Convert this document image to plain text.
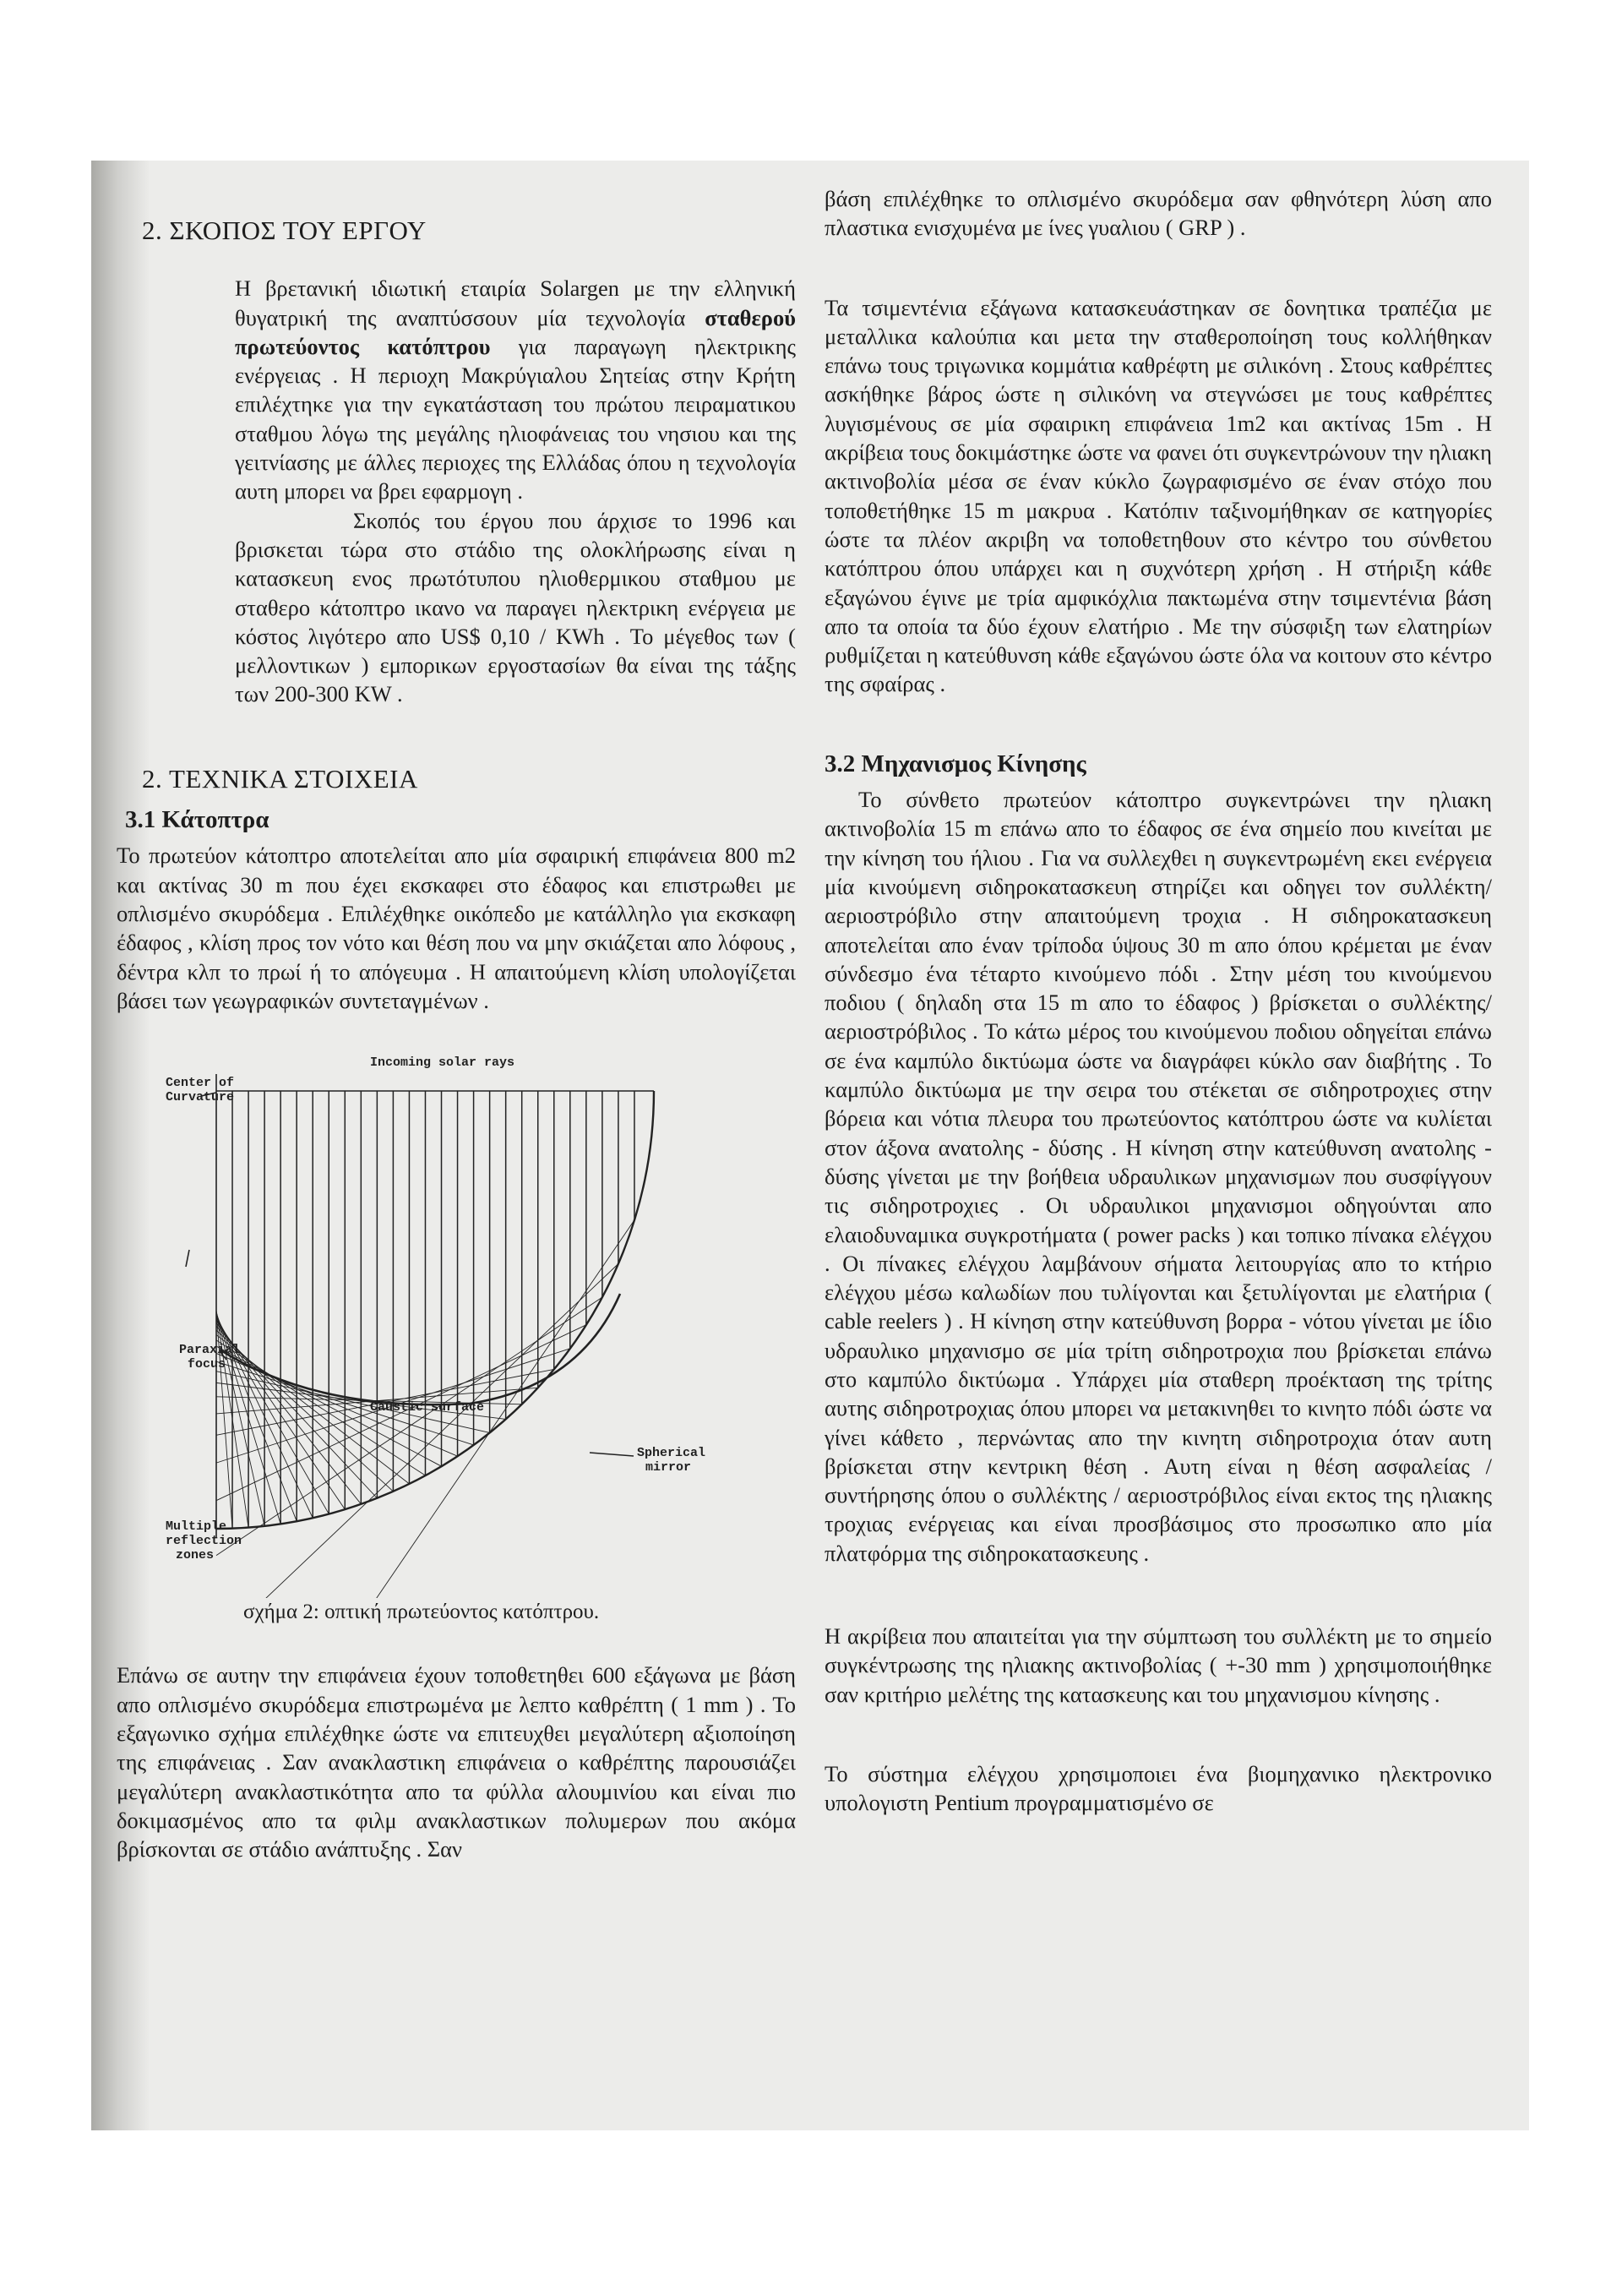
2. ΣΚΟΠΟΣ ΤΟΥ ΕΡΓΟΥ

Η βρετανική ιδιωτική εταιρία Solargen με την ελληνική θυγατρική της αναπτύσσουν μία τεχνολογία σταθερού πρωτεύοντος κατόπτρου για παραγωγη ηλεκτρικης ενέργειας . Η περιοχη Μακρύγιαλου Σητείας στην Κρήτη επιλέχτηκε για την εγκατάσταση του πρώτου πειραματικου σταθμου λόγω της μεγάλης ηλιοφάνειας του νησιου και της γειτνίασης με άλλες περιοχες της Ελλάδας όπου η τεχνολογία αυτη μπορει να βρει εφαρμογη .

Σκοπός του έργου που άρχισε το 1996 και βρισκεται τώρα στο στάδιο της ολοκλήρωσης είναι η κατασκευη ενος πρωτότυπου ηλιοθερμικου σταθμου με σταθερο κάτοπτρο ικανο να παραγει ηλεκτρικη ενέργεια με κόστος λιγότερο απο US$ 0,10 / KWh . Το μέγεθος των ( μελλοντικων ) εμπορικων εργοστασίων θα είναι της τάξης των 200-300 KW .

2. ΤΕΧΝΙΚΑ ΣΤΟΙΧΕΙΑ
3.1 Κάτοπτρα

Το πρωτεύον κάτοπτρο αποτελείται απο μία σφαιρική επιφάνεια 800 m2 και ακτίνας 30 m που έχει εκσκαφει στο έδαφος και επιστρωθει με οπλισμένο σκυρόδεμα . Επιλέχθηκε οικόπεδο με κατάλληλο για εκσκαφη έδαφος , κλίση προς τον νότο και θέση που να μην σκιάζεται απο λόφους , δέντρα κλπ το πρωί ή το απόγευμα . Η απαιτούμενη κλίση υπολογίζεται βάσει των γεωγραφικών συντεταγμένων .

Incoming solar rays
Center of
Curvature
Paraxial
focus
Caustic surface
Spherical
mirror
Multiple
reflection
zones

σχήμα 2: οπτική πρωτεύοντος κατόπτρου.

Επάνω σε αυτην την επιφάνεια έχουν τοποθετηθει 600 εξάγωνα με βάση απο οπλισμένο σκυρόδεμα επιστρωμένα με λεπτο καθρέπτη ( 1 mm ) . Το εξαγωνικο σχήμα επιλέχθηκε ώστε να επιτευχθει μεγαλύτερη αξιοποίηση της επιφάνειας . Σαν ανακλαστικη επιφάνεια ο καθρέπτης παρουσιάζει μεγαλύτερη ανακλαστικότητα απο τα φύλλα αλουμινίου και είναι πιο δοκιμασμένος απο τα φιλμ ανακλαστικων πολυμερων που ακόμα βρίσκονται σε στάδιο ανάπτυξης . Σαν

βάση επιλέχθηκε το οπλισμένο σκυρόδεμα σαν φθηνότερη λύση απο πλαστικα ενισχυμένα με ίνες γυαλιου ( GRP ) .

Τα τσιμεντένια εξάγωνα κατασκευάστηκαν σε δονητικα τραπέζια με μεταλλικα καλούπια και μετα την σταθεροποίηση τους κολλήθηκαν επάνω τους τριγωνικα κομμάτια καθρέφτη με σιλικόνη . Στους καθρέπτες ασκήθηκε βάρος ώστε η σιλικόνη να στεγνώσει με τους καθρέπτες λυγισμένους σε μία σφαιρικη επιφάνεια 1m2 και ακτίνας 15m . Η ακρίβεια τους δοκιμάστηκε ώστε να φανει ότι συγκεντρώνουν την ηλιακη ακτινοβολία μέσα σε έναν κύκλο ζωγραφισμένο σε έναν στόχο που τοποθετήθηκε 15 m μακρυα . Κατόπιν ταξινομήθηκαν σε κατηγορίες ώστε τα πλέον ακριβη να τοποθετηθουν στο κέντρο του σύνθετου κατόπτρου όπου υπάρχει και η συχνότερη χρήση . Η στήριξη κάθε εξαγώνου έγινε με τρία αμφικόχλια πακτωμένα στην τσιμεντένια βάση απο τα οποία τα δύο έχουν ελατήριο . Με την σύσφιξη των ελατηρίων ρυθμίζεται η κατεύθυνση κάθε εξαγώνου ώστε όλα να κοιτουν στο κέντρο της σφαίρας .

3.2 Μηχανισμος Κίνησης

Το σύνθετο πρωτεύον κάτοπτρο συγκεντρώνει την ηλιακη ακτινοβολία 15 m επάνω απο το έδαφος σε ένα σημείο που κινείται με την κίνηση του ήλιου . Για να συλλεχθει η συγκεντρωμένη εκει ενέργεια μία κινούμενη σιδηροκατασκευη στηρίζει και οδηγει τον συλλέκτη/ αεριοστρόβιλο στην απαιτούμενη τροχια . Η σιδηροκατασκευη αποτελείται απο έναν τρίποδα ύψους 30 m απο όπου κρέμεται με έναν σύνδεσμο ένα τέταρτο κινούμενο πόδι . Στην μέση του κινούμενου ποδιου ( δηλαδη στα 15 m απο το έδαφος ) βρίσκεται ο συλλέκτης/ αεριοστρόβιλος . Το κάτω μέρος του κινούμενου ποδιου οδηγείται επάνω σε ένα καμπύλο δικτύωμα ώστε να διαγράφει κύκλο σαν διαβήτης . Το καμπύλο δικτύωμα με την σειρα του στέκεται σε σιδηροτροχιες στην βόρεια και νότια πλευρα του πρωτεύοντος κατόπτρου ώστε να κυλίεται στον άξονα ανατολης - δύσης . Η κίνηση στην κατεύθυνση ανατολης - δύσης γίνεται με την βοήθεια υδραυλικων μηχανισμων που συσφίγγουν τις σιδηροτροχιες . Οι υδραυλικοι μηχανισμοι οδηγούνται απο ελαιοδυναμικα συγκροτήματα ( power packs ) και τοπικο πίνακα ελέγχου . Οι πίνακες ελέγχου λαμβάνουν σήματα λειτουργίας απο το κτήριο ελέγχου μέσω καλωδίων που τυλίγονται και ξετυλίγονται με ελατήρια ( cable reelers ) . Η κίνηση στην κατεύθυνση βορρα - νότου γίνεται με ίδιο υδραυλικο μηχανισμο σε μία τρίτη σιδηροτροχια που βρίσκεται επάνω στο καμπύλο δικτύωμα . Υπάρχει μία σταθερη προέκταση της τρίτης αυτης σιδηροτροχιας όπου μπορει να μετακινηθει το κινητο πόδι ώστε να γίνει κάθετο , περνώντας απο την κινητη σιδηροτροχια όταν αυτη βρίσκεται στην κεντρικη θέση . Αυτη είναι η θέση ασφαλείας / συντήρησης όπου ο συλλέκτης / αεριοστρόβιλος είναι εκτος της ηλιακης τροχιας ενέργειας και είναι προσβάσιμος στο προσωπικο απο μία πλατφόρμα της σιδηροκατασκευης .

Η ακρίβεια που απαιτείται για την σύμπτωση του συλλέκτη με το σημείο συγκέντρωσης της ηλιακης ακτινοβολίας ( +-30 mm ) χρησιμοποιήθηκε σαν κριτήριο μελέτης της κατασκευης και του μηχανισμου κίνησης .

Το σύστημα ελέγχου χρησιμοποιει ένα βιομηχανικο ηλεκτρονικο υπολογιστη Pentium προγραμματισμένο σε
